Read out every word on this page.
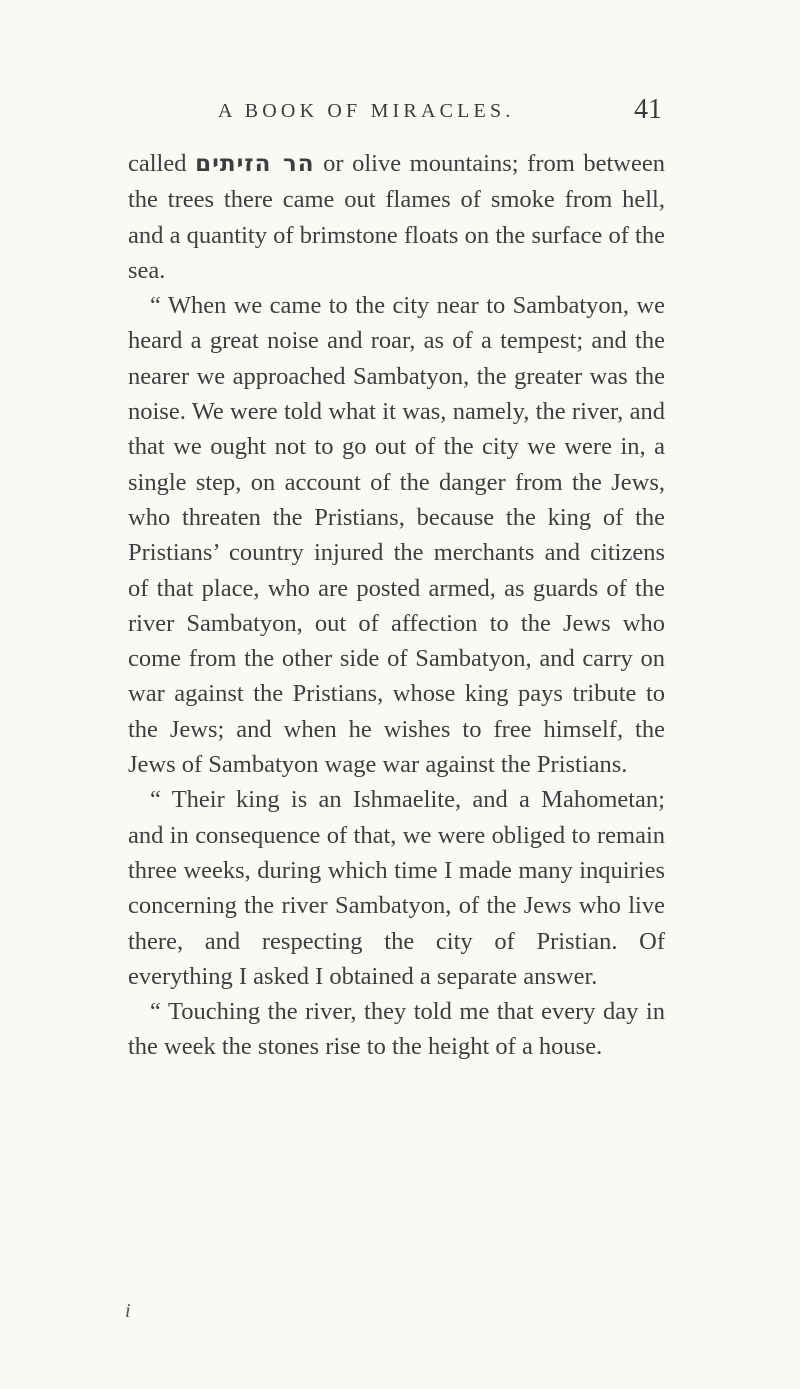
A BOOK OF MIRACLES.	41

called הר הזיתים or olive mountains; from between the trees there came out flames of smoke from hell, and a quantity of brimstone floats on the surface of the sea.

“ When we came to the city near to Sambatyon, we heard a great noise and roar, as of a tempest; and the nearer we approached Sambatyon, the greater was the noise. We were told what it was, namely, the river, and that we ought not to go out of the city we were in, a single step, on account of the danger from the Jews, who threaten the Pristians, because the king of the Pristians’ country injured the merchants and citizens of that place, who are posted armed, as guards of the river Sambatyon, out of affection to the Jews who come from the other side of Sambatyon, and carry on war against the Pristians, whose king pays tribute to the Jews; and when he wishes to free himself, the Jews of Sambatyon wage war against the Pristians.

“ Their king is an Ishmaelite, and a Mahometan; and in consequence of that, we were obliged to remain three weeks, during which time I made many inquiries concerning the river Sambatyon, of the Jews who live there, and respecting the city of Pristian. Of everything I asked I obtained a separate answer.

“ Touching the river, they told me that every day in the week the stones rise to the height of a house.

i
